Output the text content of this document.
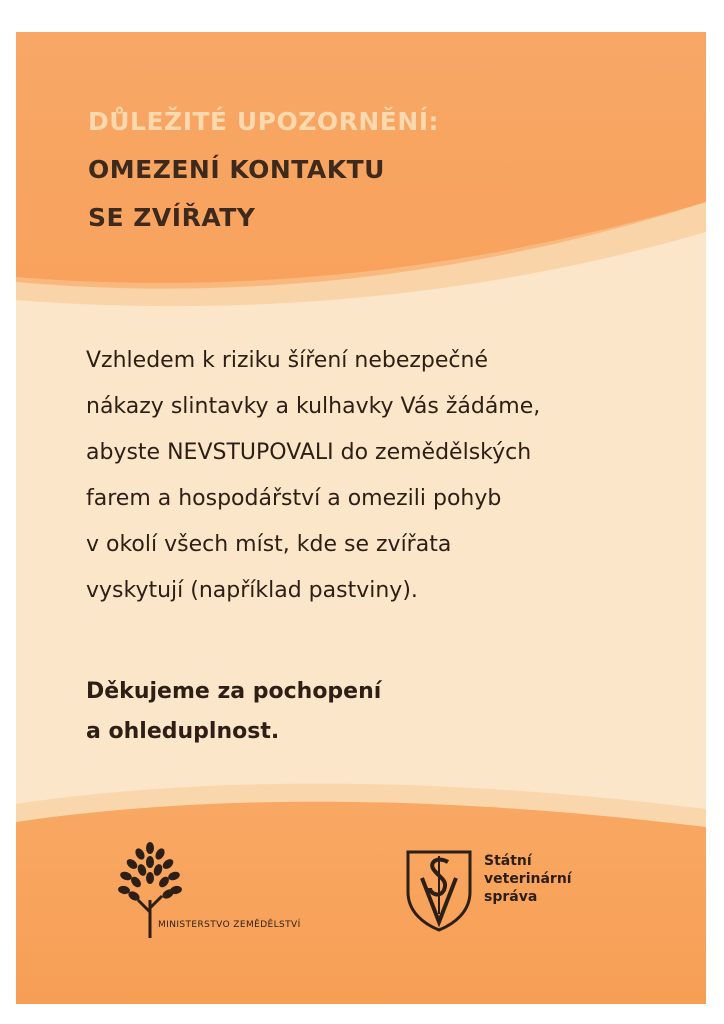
DŮLEŽITÉ UPOZORNĚNÍ:
OMEZENÍ KONTAKTU
SE ZVÍŘATY
Vzhledem k riziku šíření nebezpečné
nákazy slintavky a kulhavky Vás žádáme,
abyste NEVSTUPOVALI do zemědělských
farem a hospodářství a omezili pohyb
v okolí všech míst, kde se zvířata
vyskytují (například pastviny).
Děkujeme za pochopení
a ohleduplnost.
MINISTERSTVO ZEMĚDĚLSTVÍ
Státní
veterinární
správa
